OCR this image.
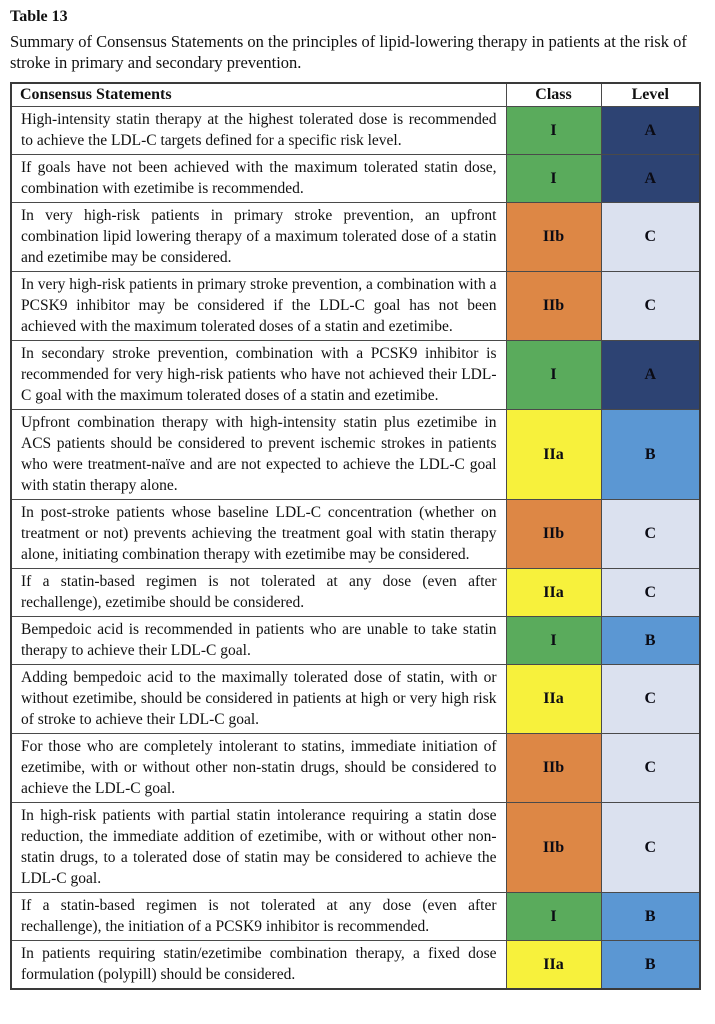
Table 13

Summary of Consensus Statements on the principles of lipid-lowering therapy in patients at the risk of stroke in primary and secondary prevention.

Consensus Statements	Class	Level
High-intensity statin therapy at the highest tolerated dose is recommended to achieve the LDL-C targets defined for a specific risk level.	I	A
If goals have not been achieved with the maximum tolerated statin dose, combination with ezetimibe is recommended.	I	A
In very high-risk patients in primary stroke prevention, an upfront combination lipid lowering therapy of a maximum tolerated dose of a statin and ezetimibe may be considered.	IIb	C
In very high-risk patients in primary stroke prevention, a combination with a PCSK9 inhibitor may be considered if the LDL-C goal has not been achieved with the maximum tolerated doses of a statin and ezetimibe.	IIb	C
In secondary stroke prevention, combination with a PCSK9 inhibitor is recommended for very high-risk patients who have not achieved their LDL-C goal with the maximum tolerated doses of a statin and ezetimibe.	I	A
Upfront combination therapy with high-intensity statin plus ezetimibe in ACS patients should be considered to prevent ischemic strokes in patients who were treatment-naïve and are not expected to achieve the LDL-C goal with statin therapy alone.	IIa	B
In post-stroke patients whose baseline LDL-C concentration (whether on treatment or not) prevents achieving the treatment goal with statin therapy alone, initiating combination therapy with ezetimibe may be considered.	IIb	C
If a statin-based regimen is not tolerated at any dose (even after rechallenge), ezetimibe should be considered.	IIa	C
Bempedoic acid is recommended in patients who are unable to take statin therapy to achieve their LDL-C goal.	I	B
Adding bempedoic acid to the maximally tolerated dose of statin, with or without ezetimibe, should be considered in patients at high or very high risk of stroke to achieve their LDL-C goal.	IIa	C
For those who are completely intolerant to statins, immediate initiation of ezetimibe, with or without other non-statin drugs, should be considered to achieve the LDL-C goal.	IIb	C
In high-risk patients with partial statin intolerance requiring a statin dose reduction, the immediate addition of ezetimibe, with or without other non-statin drugs, to a tolerated dose of statin may be considered to achieve the LDL-C goal.	IIb	C
If a statin-based regimen is not tolerated at any dose (even after rechallenge), the initiation of a PCSK9 inhibitor is recommended.	I	B
In patients requiring statin/ezetimibe combination therapy, a fixed dose formulation (polypill) should be considered.	IIa	B
